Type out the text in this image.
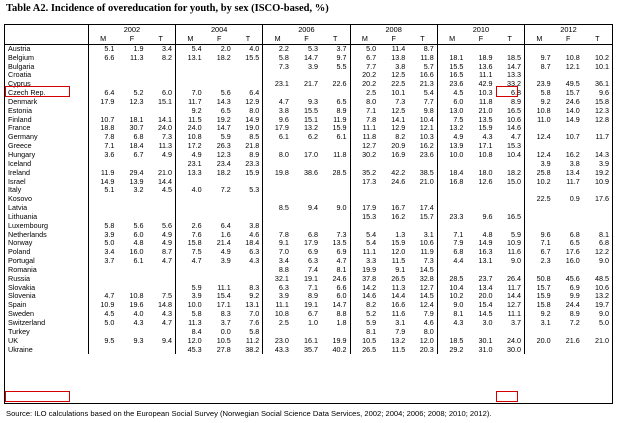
Table A2. Incidence of overeducation for youth, by sex (ISCO-based, %)
	2002			2004			2006			2008			2010			2012		
	M	F	T	M	F	T	M	F	T	M	F	T	M	F	T	M	F	T
Austria	5.1	1.9	3.4	5.4	2.0	4.0	2.2	5.3	3.7	5.0	11.4	8.7						
Belgium	6.6	11.3	8.2	13.1	18.2	15.5	5.8	14.7	9.7	6.7	13.8	11.8	18.1	18.9	18.5	9.7	10.8	10.2
Bulgaria							7.3	3.9	5.5	7.7	3.8	5.7	15.5	13.6	14.7	8.7	12.1	10.1
Croatia										20.2	12.5	16.6	16.5	11.1	13.3			
Cyprus							23.1	21.7	22.6	20.2	22.5	21.3	23.6	42.9	33.2	23.9	49.5	36.1
Czech Rep.	6.4	5.2	6.0	7.0	5.6	6.4				2.5	10.1	5.4	4.5	10.3	6.8	5.8	15.7	9.6
Denmark	17.9	12.3	15.1	11.7	14.3	12.9	4.7	9.3	6.5	8.0	7.3	7.7	6.0	11.8	8.9	9.2	24.6	15.8
Estonia				9.2	6.5	8.0	3.8	15.5	8.9	7.1	12.5	9.8	13.0	21.0	16.5	10.8	14.0	12.3
Finland	10.7	18.1	14.1	11.5	19.2	14.9	9.6	15.1	11.9	7.8	14.1	10.4	7.5	13.5	10.6	11.0	14.9	12.8
France	18.8	30.7	24.0	24.0	14.7	19.0	17.9	13.2	15.9	11.1	12.9	12.1	13.2	15.9	14.6			
Germany	7.8	6.8	7.3	10.8	5.9	8.5	6.1	6.2	6.1	11.8	8.2	10.3	4.9	4.3	4.7	12.4	10.7	11.7
Greece	7.1	18.4	11.3	17.2	26.3	21.8				12.7	20.9	16.2	13.9	17.1	15.3			
Hungary	3.6	6.7	4.9	4.9	12.3	8.9	8.0	17.0	11.8	30.2	16.9	23.6	10.0	10.8	10.4	12.4	16.2	14.3
Iceland				23.1	23.4	23.3										3.9	3.8	3.9
Ireland	11.9	29.4	21.0	13.3	18.2	15.9	19.8	38.6	28.5	35.2	42.2	38.5	18.4	18.0	18.2	25.8	13.4	19.2
Israel	14.9	13.9	14.4							17.3	24.6	21.0	16.8	12.6	15.0	10.2	11.7	10.9
Italy	5.1	3.2	4.5	4.0	7.2	5.3												
Kosovo																22.5	0.9	17.6
Latvia							8.5	9.4	9.0	17.9	16.7	17.4						
Lithuania										15.3	16.2	15.7	23.3	9.6	16.5			
Luxembourg	5.8	5.6	5.6	2.6	6.4	3.8												
Netherlands	3.9	6.0	4.9	7.6	1.6	4.6	7.8	6.8	7.3	5.4	1.3	3.1	7.1	4.8	5.9	9.6	6.8	8.1
Norway	5.0	4.8	4.9	15.8	21.4	18.4	9.1	17.9	13.5	5.4	15.9	10.6	7.9	14.9	10.9	7.1	6.5	6.8
Poland	3.4	16.0	8.7	7.5	4.9	6.3	7.0	6.9	6.9	11.1	12.0	11.9	6.8	16.3	11.6	6.7	17.6	12.2
Portugal	3.7	6.1	4.7	4.7	3.9	4.3	3.4	6.3	4.7	3.3	11.5	7.3	4.4	13.1	9.0	2.3	16.0	9.0
Romania							8.8	7.4	8.1	19.9	9.1	14.5						
Russia							32.1	19.1	24.6	37.8	26.5	32.8	28.5	23.7	26.4	50.8	45.6	48.5
Slovakia				5.9	11.1	8.3	6.3	7.1	6.6	14.2	11.3	12.7	10.4	13.4	11.7	15.7	6.9	10.6
Slovenia	4.7	10.8	7.5	3.9	15.4	9.2	3.9	8.9	6.0	14.6	14.4	14.5	10.2	20.0	14.4	15.9	9.9	13.2
Spain	10.9	19.6	14.8	10.0	17.1	13.1	11.1	19.1	14.7	8.2	16.6	12.4	9.0	15.4	12.7	15.8	24.4	19.7
Sweden	4.5	4.0	4.3	5.8	8.3	7.0	10.8	6.7	8.8	5.2	11.6	7.9	8.1	14.5	11.1	9.2	8.9	9.0
Switzerland	5.0	4.3	4.7	11.3	3.7	7.6	2.5	1.0	1.8	5.9	3.1	4.6	4.3	3.0	3.7	3.1	7.2	5.0
Turkey				8.4	0.0	5.8				8.1	7.9	8.0						
UK	9.5	9.3	9.4	12.0	10.5	11.2	23.0	16.1	19.9	10.5	13.2	12.0	18.5	30.1	24.0	20.0	21.6	21.0
Ukraine				45.3	27.8	38.2	43.3	35.7	40.2	26.5	11.5	20.3	29.2	31.0	30.0			
Source: ILO calculations based on the European Social Survey (Norwegian Social Science Data Services, 2002; 2004; 2006; 2008; 2010; 2012).
